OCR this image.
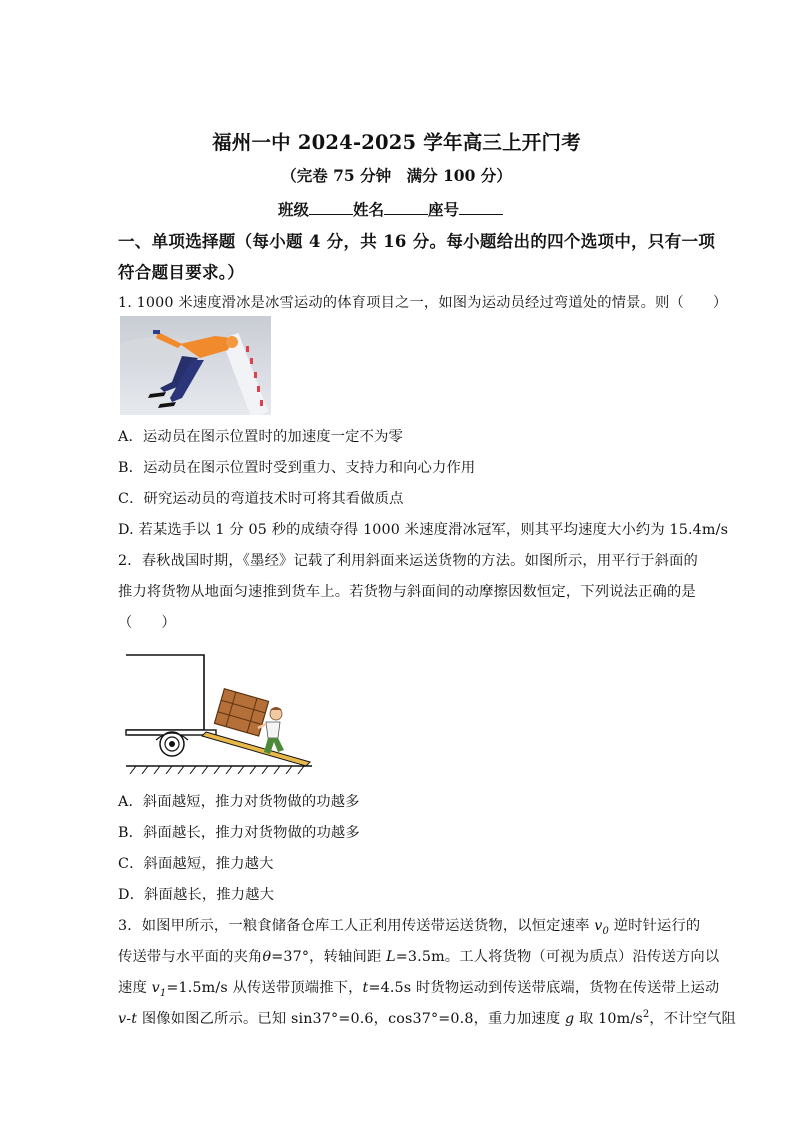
福州一中 2024-2025 学年高三上开门考
（完卷 75 分钟　满分 100 分）
班级	姓名	座号
一、单项选择题（每小题 4 分，共 16 分。每小题给出的四个选项中，只有一项
符合题目要求。）
1. 1000 米速度滑冰是冰雪运动的体育项目之一，如图为运动员经过弯道处的情景。则（　　）
A．运动员在图示位置时的加速度一定不为零
B．运动员在图示位置时受到重力、支持力和向心力作用
C．研究运动员的弯道技术时可将其看做质点
D. 若某选手以 1 分 05 秒的成绩夺得 1000 米速度滑冰冠军，则其平均速度大小约为 15.4m/s
2．春秋战国时期，《墨经》记载了利用斜面来运送货物的方法。如图所示，用平行于斜面的
推力将货物从地面匀速推到货车上。若货物与斜面间的动摩擦因数恒定，下列说法正确的是
（　　）
A．斜面越短，推力对货物做的功越多
B．斜面越长，推力对货物做的功越多
C．斜面越短，推力越大
D．斜面越长，推力越大
3．如图甲所示，一粮食储备仓库工人正利用传送带运送货物，以恒定速率 $v_0$ 逆时针运行的
传送带与水平面的夹角θ=37°，转轴间距 L=3.5m。工人将货物（可视为质点）沿传送方向以
速度 $v_1=1.5m/s$ 从传送带顶端推下，t=4.5s 时货物运动到传送带底端，货物在传送带上运动
v-t 图像如图乙所示。已知 sin37°=0.6，cos37°=0.8，重力加速度 g 取 $10m/s^2$，不计空气阻
